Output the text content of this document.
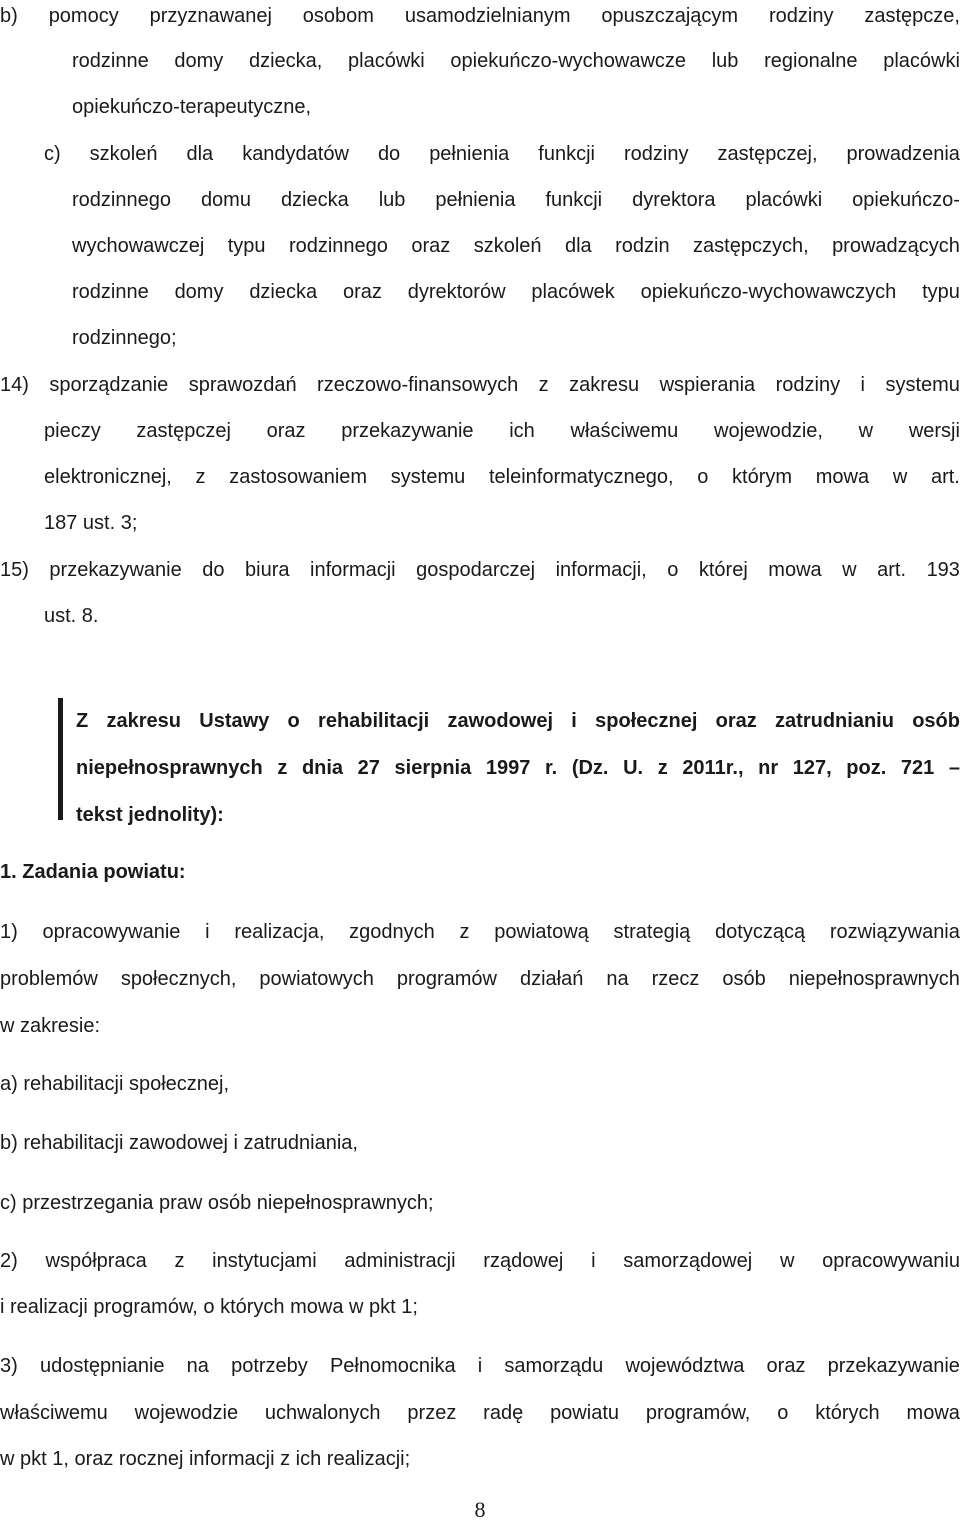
b) pomocy przyznawanej osobom usamodzielnianym opuszczającym rodziny zastępcze,

rodzinne domy dziecka, placówki opiekuńczo-wychowawcze lub regionalne placówki

opiekuńczo-terapeutyczne,

c) szkoleń dla kandydatów do pełnienia funkcji rodziny zastępczej, prowadzenia

rodzinnego domu dziecka lub pełnienia funkcji dyrektora placówki opiekuńczo-

wychowawczej typu rodzinnego oraz szkoleń dla rodzin zastępczych, prowadzących

rodzinne domy dziecka oraz dyrektorów placówek opiekuńczo-wychowawczych typu

rodzinnego;

14) sporządzanie sprawozdań rzeczowo-finansowych z zakresu wspierania rodziny i systemu

pieczy zastępczej oraz przekazywanie ich właściwemu wojewodzie, w wersji

elektronicznej, z zastosowaniem systemu teleinformatycznego, o którym mowa w art.

187 ust. 3;

15) przekazywanie do biura informacji gospodarczej informacji, o której mowa w art. 193

ust. 8.

Z zakresu Ustawy o rehabilitacji zawodowej i społecznej oraz zatrudnianiu osób

niepełnosprawnych z dnia 27 sierpnia 1997 r. (Dz. U. z 2011r., nr 127, poz. 721 –

tekst jednolity):

1. Zadania powiatu:

1) opracowywanie i realizacja, zgodnych z powiatową strategią dotyczącą rozwiązywania

problemów społecznych, powiatowych programów działań na rzecz osób niepełnosprawnych

w zakresie:

a) rehabilitacji społecznej,

b) rehabilitacji zawodowej i zatrudniania,

c) przestrzegania praw osób niepełnosprawnych;

2) współpraca z instytucjami administracji rządowej i samorządowej w opracowywaniu

i realizacji programów, o których mowa w pkt 1;

3) udostępnianie na potrzeby Pełnomocnika i samorządu województwa oraz przekazywanie

właściwemu wojewodzie uchwalonych przez radę powiatu programów, o których mowa

w pkt 1, oraz rocznej informacji z ich realizacji;

8
